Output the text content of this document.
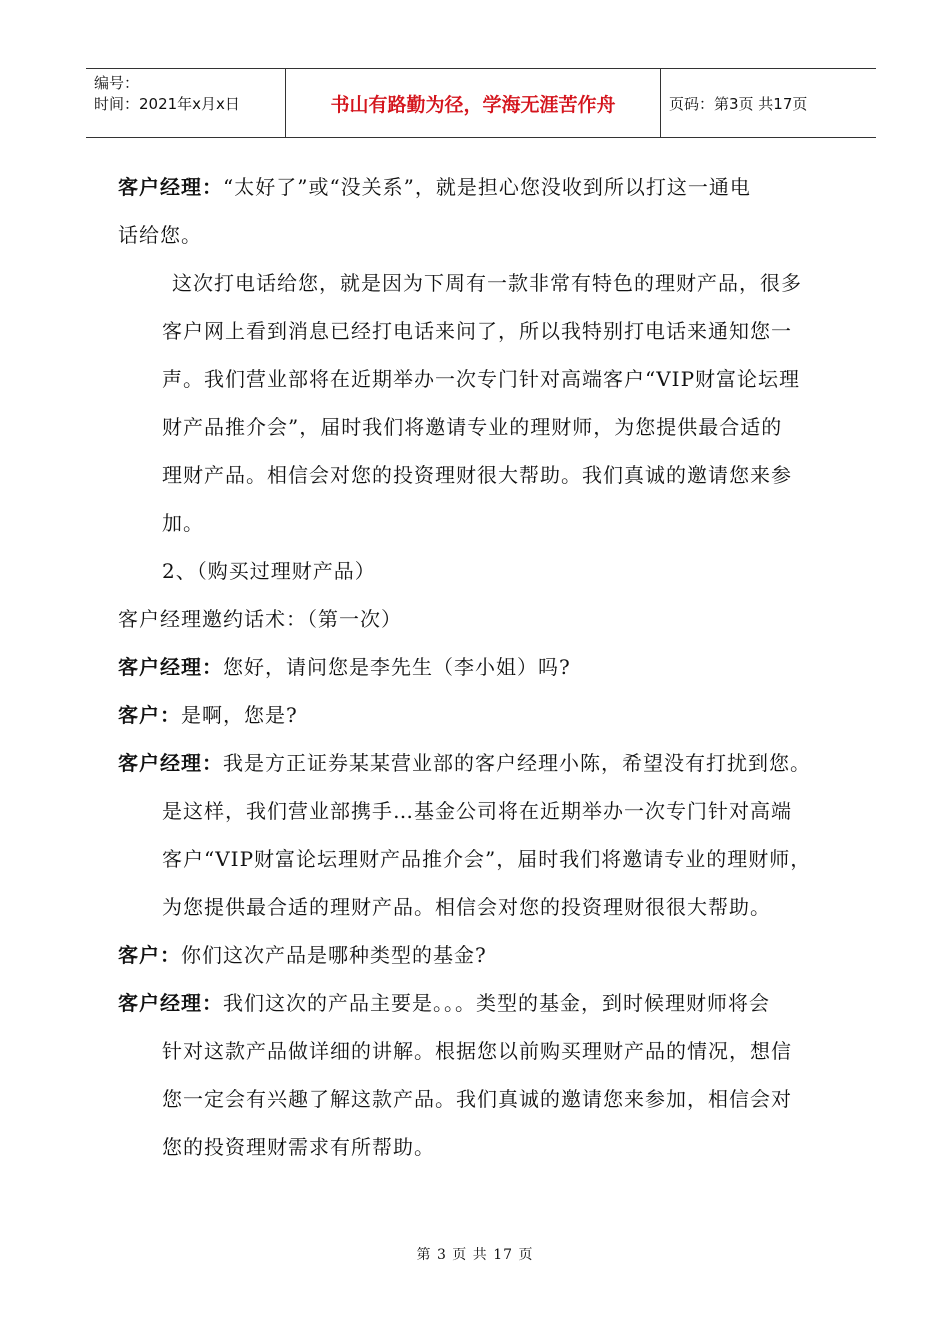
编号：
时间：2021年x月x日	书山有路勤为径，学海无涯苦作舟	页码：第3页 共17页

客户经理：“太好了”或“没关系”，就是担心您没收到所以打这一通电

话给您。

这次打电话给您，就是因为下周有一款非常有特色的理财产品，很多

客户网上看到消息已经打电话来问了，所以我特别打电话来通知您一

声。我们营业部将在近期举办一次专门针对高端客户“VIP财富论坛理

财产品推介会”，届时我们将邀请专业的理财师，为您提供最合适的

理财产品。相信会对您的投资理财很大帮助。我们真诚的邀请您来参

加。

2、（购买过理财产品）

客户经理邀约话术：（第一次）

客户经理：您好，请问您是李先生（李小姐）吗?

客户：是啊，您是?

客户经理：我是方正证券某某营业部的客户经理小陈，希望没有打扰到您。

是这样，我们营业部携手…基金公司将在近期举办一次专门针对高端

客户“VIP财富论坛理财产品推介会”，届时我们将邀请专业的理财师，

为您提供最合适的理财产品。相信会对您的投资理财很很大帮助。

客户：你们这次产品是哪种类型的基金?

客户经理：我们这次的产品主要是。。。类型的基金，到时候理财师将会

针对这款产品做详细的讲解。根据您以前购买理财产品的情况，想信

您一定会有兴趣了解这款产品。我们真诚的邀请您来参加，相信会对

您的投资理财需求有所帮助。

第 3 页 共 17 页
